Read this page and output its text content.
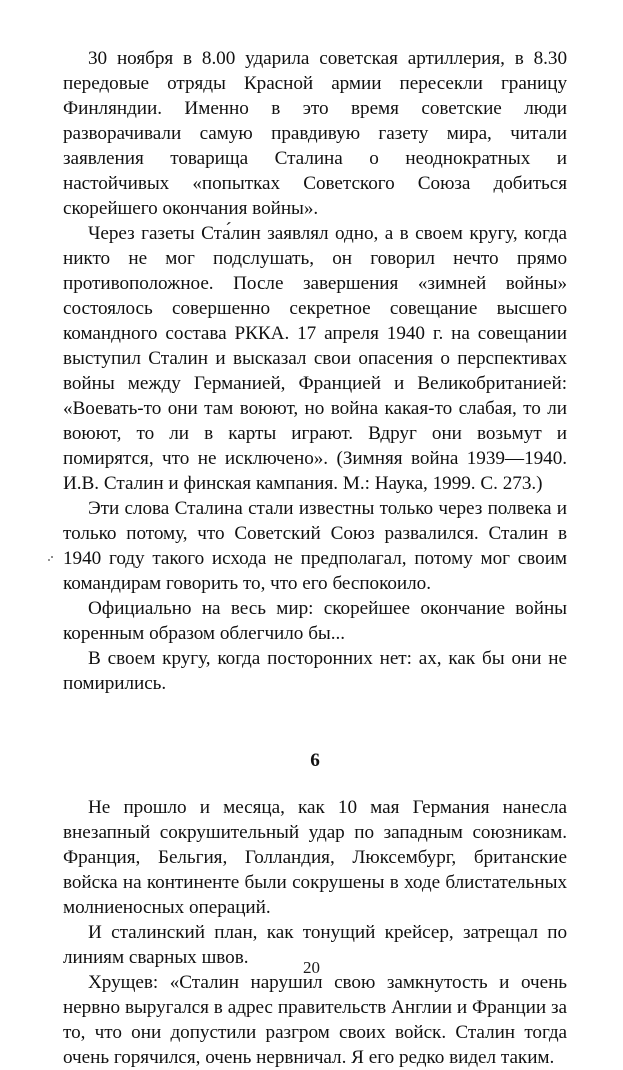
30 ноября в 8.00 ударила советская артиллерия, в 8.30 передовые отряды Красной армии пересекли границу Финляндии. Именно в это время советские люди разворачивали самую правдивую газету мира, читали заявления товарища Сталина о неоднократных и настойчивых «попытках Советского Союза добиться скорейшего окончания войны».

Через газеты Ста́лин заявлял одно, а в своем кругу, когда никто не мог подслушать, он говорил нечто прямо противоположное. После завершения «зимней войны» состоялось совершенно секретное совещание высшего командного состава РККА. 17 апреля 1940 г. на совещании выступил Сталин и высказал свои опасения о перспективах войны между Германией, Францией и Великобританией: «Воевать-то они там воюют, но война какая-то слабая, то ли воюют, то ли в карты играют. Вдруг они возьмут и помирятся, что не исключено». (Зимняя война 1939—1940. И.В. Сталин и финская кампания. М.: Наука, 1999. С. 273.)

Эти слова Сталина стали известны только через полвека и только потому, что Советский Союз развалился. Сталин в 1940 году такого исхода не предполагал, потому мог своим командирам говорить то, что его беспокоило.

Официально на весь мир: скорейшее окончание войны коренным образом облегчило бы...

В своем кругу, когда посторонних нет: ах, как бы они не помирились.

6

Не прошло и месяца, как 10 мая Германия нанесла внезапный сокрушительный удар по западным союзникам. Франция, Бельгия, Голландия, Люксембург, британские войска на континенте были сокрушены в ходе блистательных молниеносных операций.

И сталинский план, как тонущий крейсер, затрещал по линиям сварных швов.

Хрущев: «Сталин нарушил свою замкнутость и очень нервно выругался в адрес правительств Англии и Франции за то, что они допустили разгром своих войск. Сталин тогда очень горячился, очень нервничал. Я его редко видел таким.

20
